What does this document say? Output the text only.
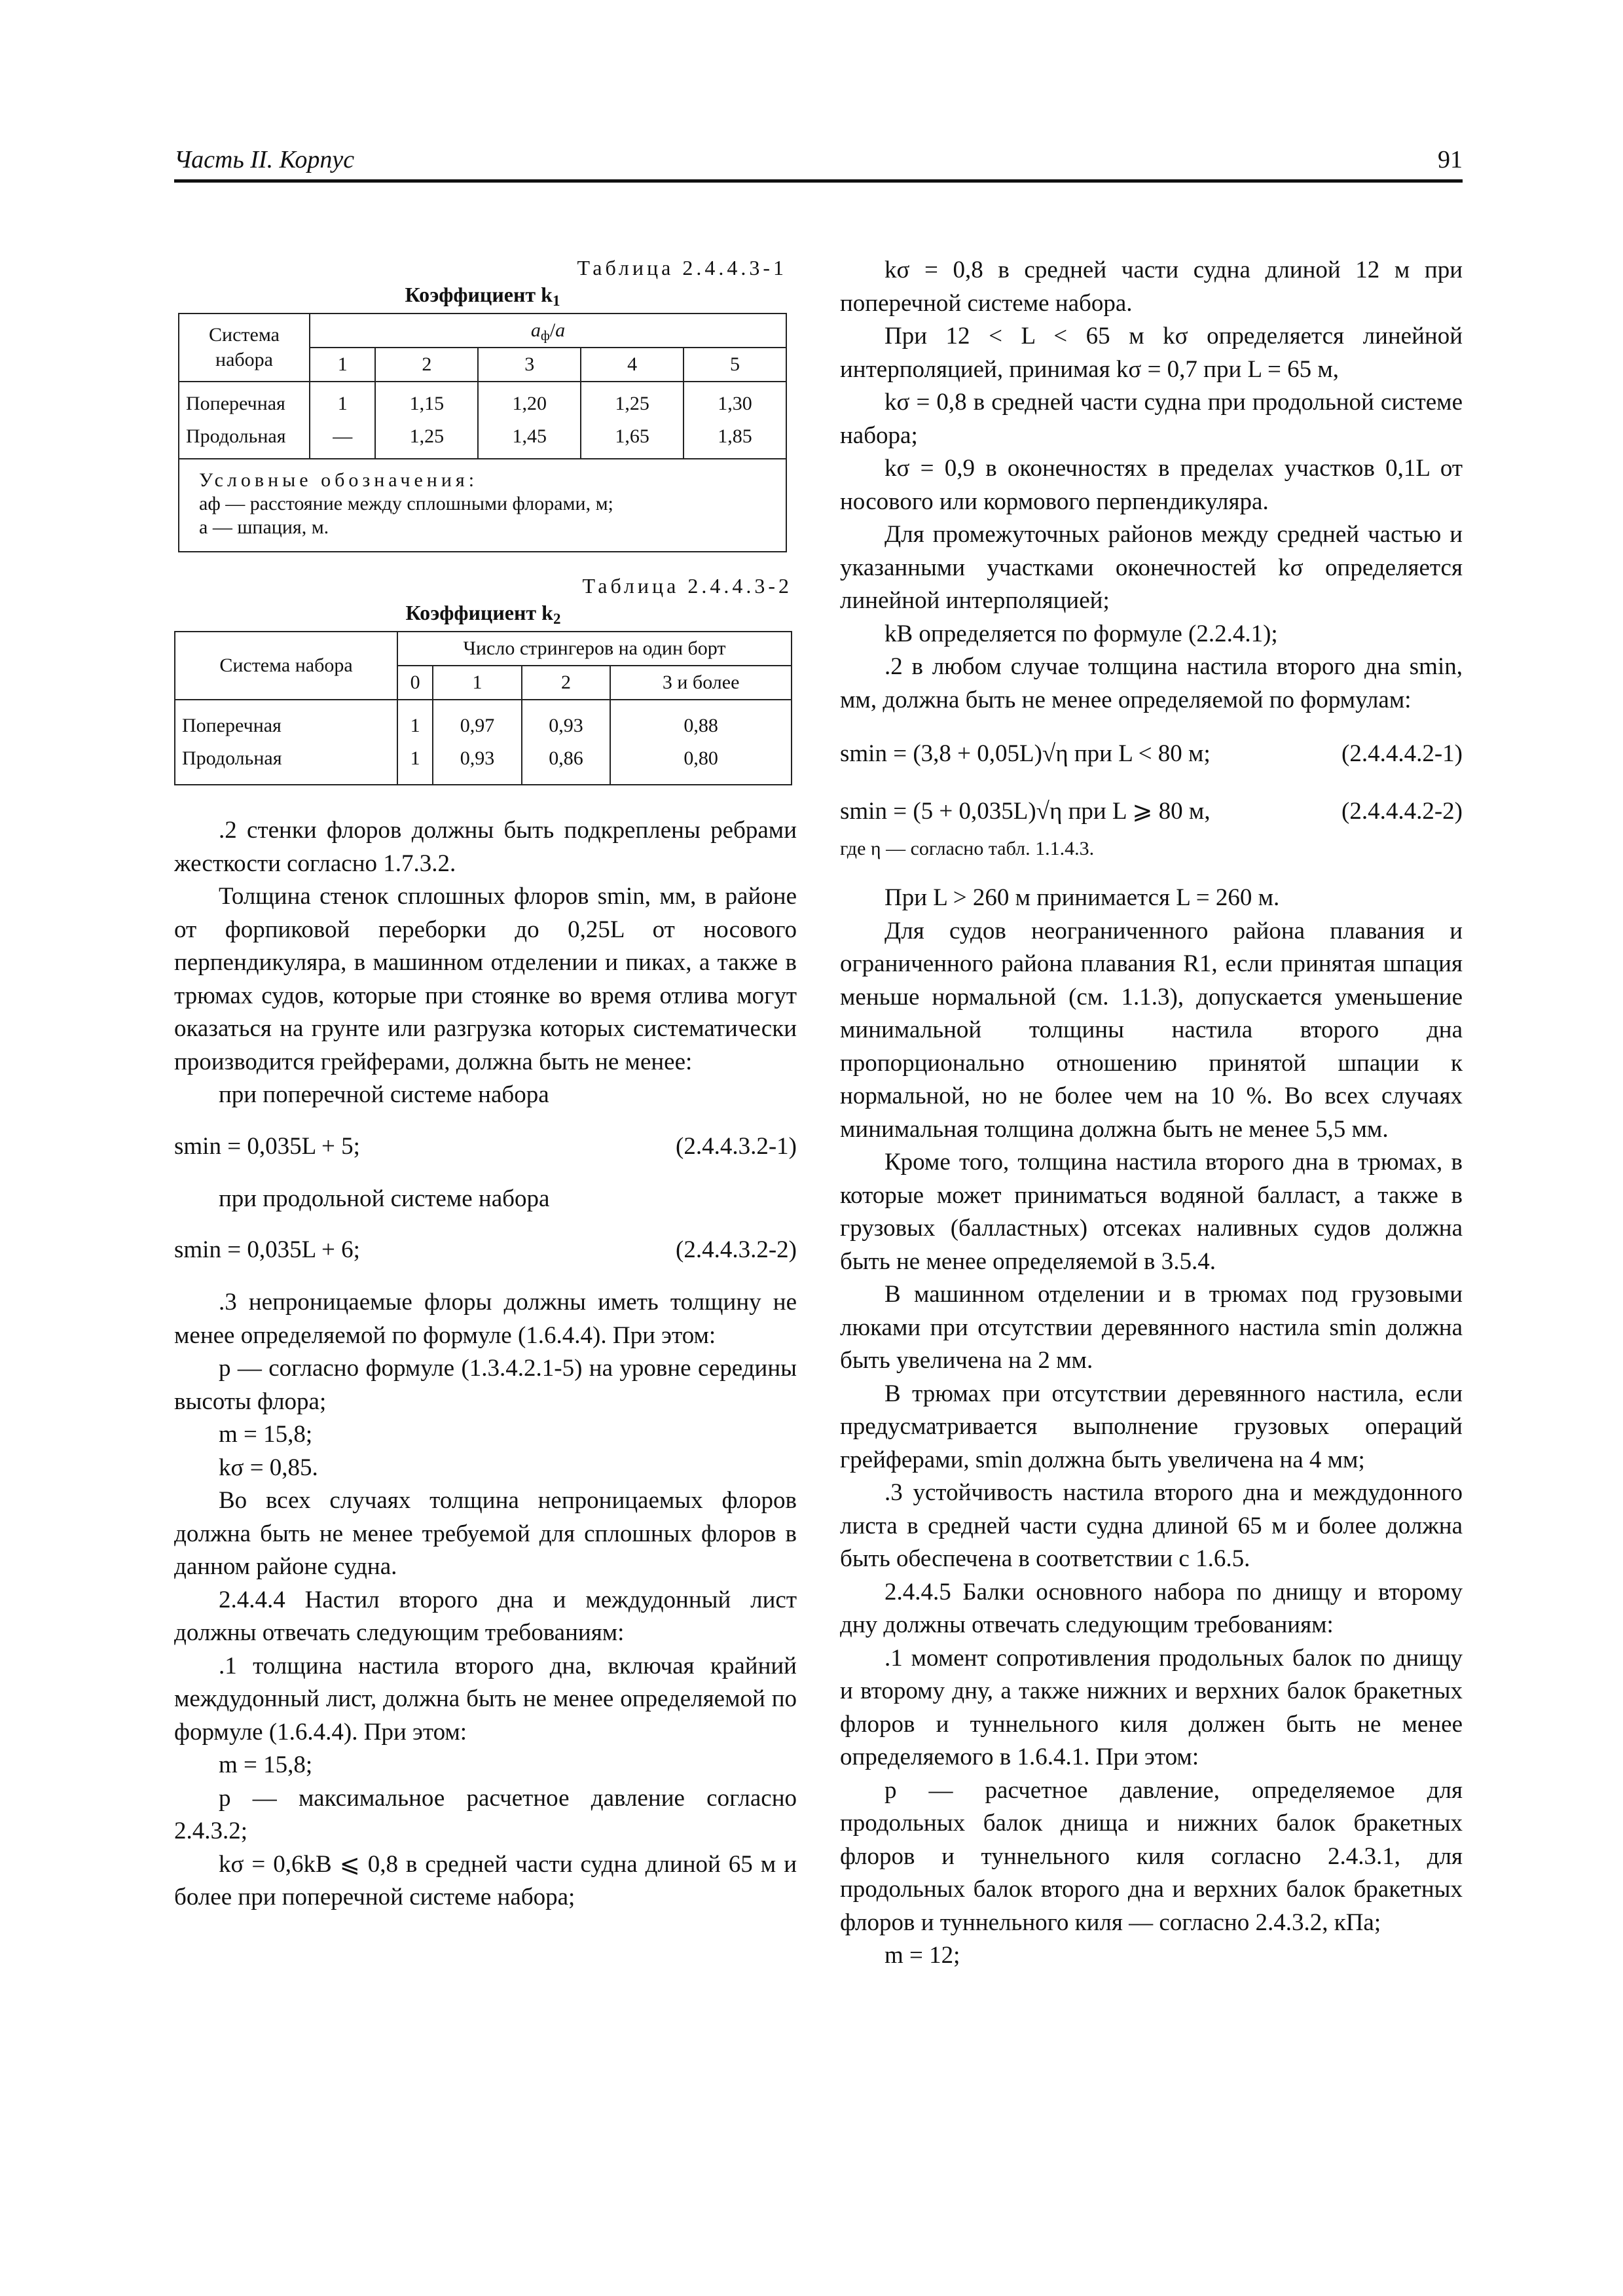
Часть II. Корпус	91

Таблица 2.4.4.3-1

Коэффициент $k_1$

Система набора	$a_ф/a$				
	1	2	3	4	5
Поперечная	1	1,15	1,20	1,25	1,30
Продольная	—	1,25	1,45	1,65	1,85

Условные обозначения:
aф — расстояние между сплошными флорами, м;
a — шпация, м.					

Таблица 2.4.4.3-2

Коэффициент $k_2$

Система набора	Число стрингеров на один борт			
	0	1	2	3 и более
Поперечная	1	0,97	0,93	0,88
Продольная	1	0,93	0,86	0,80

.2 стенки флоров должны быть подкреплены ребрами жесткости согласно 1.7.3.2.

Толщина стенок сплошных флоров smin, мм, в районе от форпиковой переборки до 0,25L от носового перпендикуляра, в машинном отделении и пиках, а также в трюмах судов, которые при стоянке во время отлива могут оказаться на грунте или разгрузка которых систематически производится грейферами, должна быть не менее:

при поперечной системе набора

smin = 0,035L + 5;	(2.4.4.3.2-1)

при продольной системе набора

smin = 0,035L + 6;	(2.4.4.3.2-2)

.3 непроницаемые флоры должны иметь толщину не менее определяемой по формуле (1.6.4.4). При этом:

p — согласно формуле (1.3.4.2.1-5) на уровне середины высоты флора;

m = 15,8;

kσ = 0,85.

Во всех случаях толщина непроницаемых флоров должна быть не менее требуемой для сплошных флоров в данном районе судна.

2.4.4.4 Настил второго дна и междудонный лист должны отвечать следующим требованиям:

.1 толщина настила второго дна, включая крайний междудонный лист, должна быть не менее определяемой по формуле (1.6.4.4). При этом:

m = 15,8;

p — максимальное расчетное давление согласно 2.4.3.2;

kσ = 0,6kB ⩽ 0,8 в средней части судна длиной 65 м и более при поперечной системе набора;

kσ = 0,8 в средней части судна длиной 12 м при поперечной системе набора.

При 12 < L < 65 м kσ определяется линейной интерполяцией, принимая kσ = 0,7 при L = 65 м,

kσ = 0,8 в средней части судна при продольной системе набора;

kσ = 0,9 в оконечностях в пределах участков 0,1L от носового или кормового перпендикуляра.

Для промежуточных районов между средней частью и указанными участками оконечностей kσ определяется линейной интерполяцией;

kB определяется по формуле (2.2.4.1);

.2 в любом случае толщина настила второго дна smin, мм, должна быть не менее определяемой по формулам:

smin = (3,8 + 0,05L)√η при L < 80 м;	(2.4.4.4.2-1)
smin = (5 + 0,035L)√η при L ⩾ 80 м,	(2.4.4.4.2-2)

где η — согласно табл. 1.1.4.3.

При L > 260 м принимается L = 260 м.

Для судов неограниченного района плавания и ограниченного района плавания R1, если принятая шпация меньше нормальной (см. 1.1.3), допускается уменьшение минимальной толщины настила второго дна пропорционально отношению принятой шпации к нормальной, но не более чем на 10 %. Во всех случаях минимальная толщина должна быть не менее 5,5 мм.

Кроме того, толщина настила второго дна в трюмах, в которые может приниматься водяной балласт, а также в грузовых (балластных) отсеках наливных судов должна быть не менее определяемой в 3.5.4.

В машинном отделении и в трюмах под грузовыми люками при отсутствии деревянного настила smin должна быть увеличена на 2 мм.

В трюмах при отсутствии деревянного настила, если предусматривается выполнение грузовых операций грейферами, smin должна быть увеличена на 4 мм;

.3 устойчивость настила второго дна и междудонного листа в средней части судна длиной 65 м и более должна быть обеспечена в соответствии с 1.6.5.

2.4.4.5 Балки основного набора по днищу и второму дну должны отвечать следующим требованиям:

.1 момент сопротивления продольных балок по днищу и второму дну, а также нижних и верхних балок бракетных флоров и туннельного киля должен быть не менее определяемого в 1.6.4.1. При этом:

p — расчетное давление, определяемое для продольных балок днища и нижних балок бракетных флоров и туннельного киля согласно 2.4.3.1, для продольных балок второго дна и верхних балок бракетных флоров и туннельного киля — согласно 2.4.3.2, кПа;

m = 12;
